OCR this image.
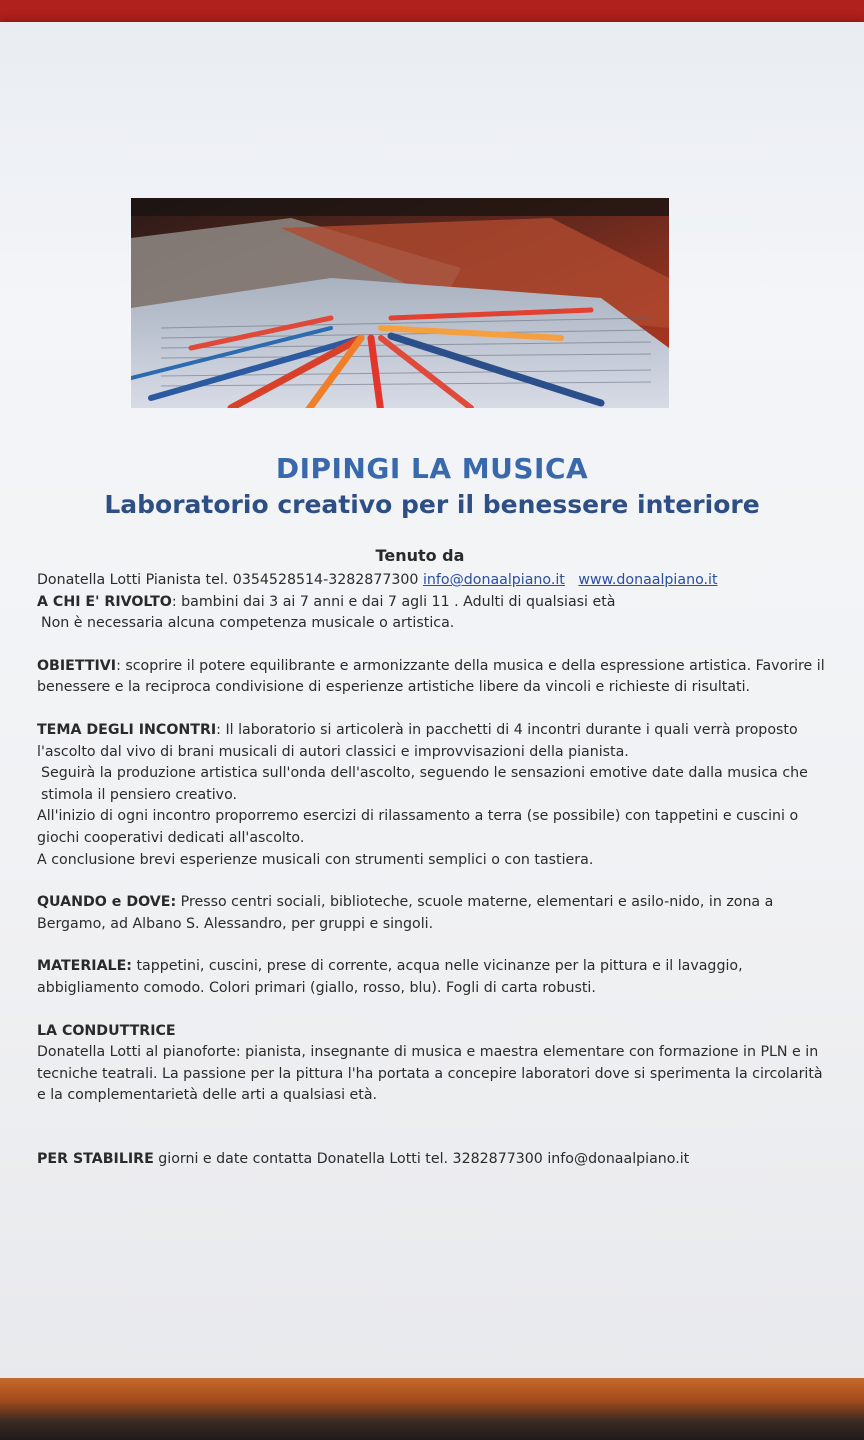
DIPINGI LA MUSICA
Laboratorio creativo per il benessere interiore
Tenuto da

Donatella Lotti Pianista tel. 0354528514-3282877300 info@donaalpiano.it www.donaalpiano.it

A CHI E' RIVOLTO: bambini dai 3 ai 7 anni e dai 7 agli 11 . Adulti di qualsiasi età

Non è necessaria alcuna competenza musicale o artistica.

OBIETTIVI: scoprire il potere equilibrante e armonizzante della musica e della espressione artistica. Favorire il benessere e la reciproca condivisione di esperienze artistiche libere da vincoli e richieste di risultati.

TEMA DEGLI INCONTRI: Il laboratorio si articolerà in pacchetti di 4 incontri durante i quali verrà proposto l'ascolto dal vivo di brani musicali di autori classici e improvvisazioni della pianista.

Seguirà la produzione artistica sull'onda dell'ascolto, seguendo le sensazioni emotive date dalla musica che stimola il pensiero creativo.

All'inizio di ogni incontro proporremo esercizi di rilassamento a terra (se possibile) con tappetini e cuscini o giochi cooperativi dedicati all'ascolto.

A conclusione brevi esperienze musicali con strumenti semplici o con tastiera.

QUANDO e DOVE: Presso centri sociali, biblioteche, scuole materne, elementari e asilo-nido, in zona a Bergamo, ad Albano S. Alessandro, per gruppi e singoli.

MATERIALE: tappetini, cuscini, prese di corrente, acqua nelle vicinanze per la pittura e il lavaggio, abbigliamento comodo. Colori primari (giallo, rosso, blu). Fogli di carta robusti.

LA CONDUTTRICE

Donatella Lotti al pianoforte: pianista, insegnante di musica e maestra elementare con formazione in PLN e in tecniche teatrali. La passione per la pittura l'ha portata a concepire laboratori dove si sperimenta la circolarità e la complementarietà delle arti a qualsiasi età.

PER STABILIRE giorni e date contatta Donatella Lotti tel. 3282877300 info@donaalpiano.it
